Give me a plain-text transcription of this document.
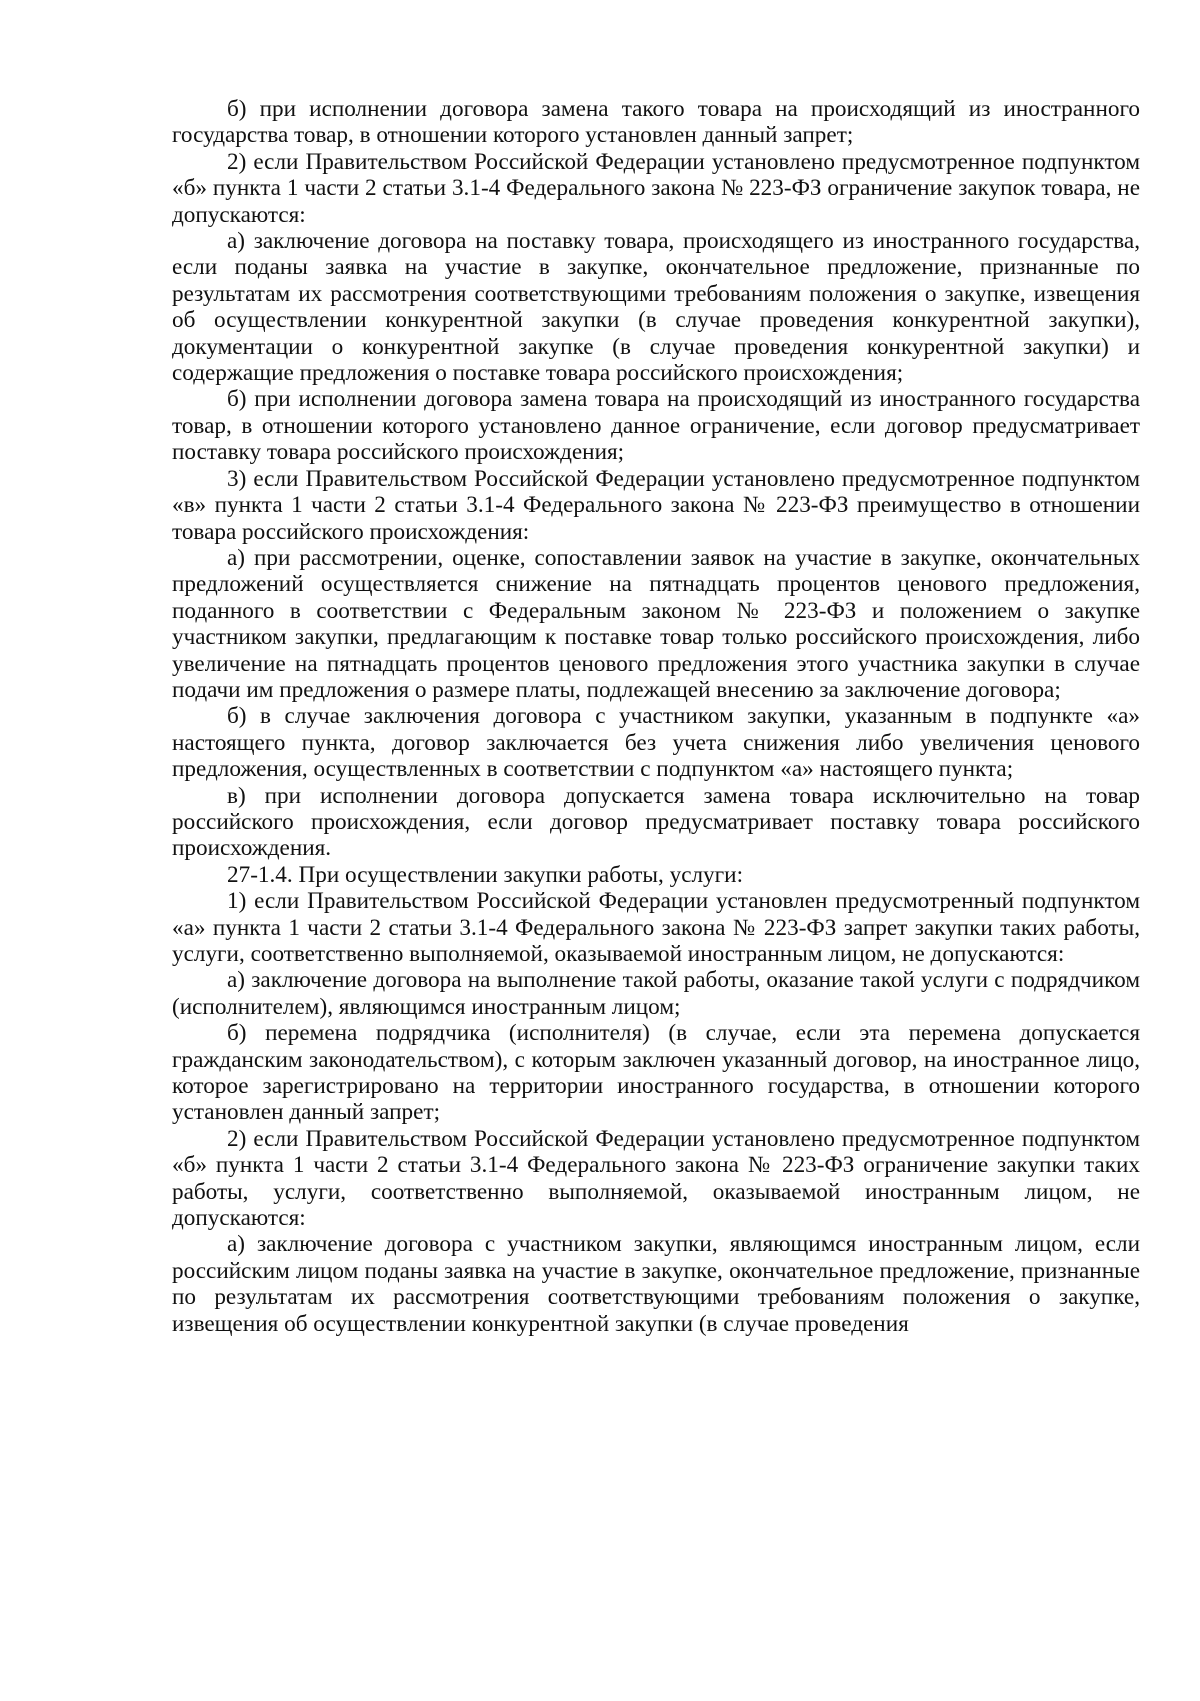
б) при исполнении договора замена такого товара на происходящий из иностранного государства товар, в отношении которого установлен данный запрет;

2) если Правительством Российской Федерации установлено предусмотренное подпунктом «б» пункта 1 части 2 статьи 3.1-4 Федерального закона № 223-ФЗ ограничение закупок товара, не допускаются:

а) заключение договора на поставку товара, происходящего из иностранного государства, если поданы заявка на участие в закупке, окончательное предложение, признанные по результатам их рассмотрения соответствующими требованиям положения о закупке, извещения об осуществлении конкурентной закупки (в случае проведения конкурентной закупки), документации о конкурентной закупке (в случае проведения конкурентной закупки) и содержащие предложения о поставке товара российского происхождения;

б) при исполнении договора замена товара на происходящий из иностранного государства товар, в отношении которого установлено данное ограничение, если договор предусматривает поставку товара российского происхождения;

3) если Правительством Российской Федерации установлено предусмотренное подпунктом «в» пункта 1 части 2 статьи 3.1-4 Федерального закона № 223-ФЗ преимущество в отношении товара российского происхождения:

а) при рассмотрении, оценке, сопоставлении заявок на участие в закупке, окончательных предложений осуществляется снижение на пятнадцать процентов ценового предложения, поданного в соответствии с Федеральным законом № 223-ФЗ и положением о закупке участником закупки, предлагающим к поставке товар только российского происхождения, либо увеличение на пятнадцать процентов ценового предложения этого участника закупки в случае подачи им предложения о размере платы, подлежащей внесению за заключение договора;

б) в случае заключения договора с участником закупки, указанным в подпункте «а» настоящего пункта, договор заключается без учета снижения либо увеличения ценового предложения, осуществленных в соответствии с подпунктом «а» настоящего пункта;

в) при исполнении договора допускается замена товара исключительно на товар российского происхождения, если договор предусматривает поставку товара российского происхождения.

27-1.4. При осуществлении закупки работы, услуги:

1) если Правительством Российской Федерации установлен предусмотренный подпунктом «а» пункта 1 части 2 статьи 3.1-4 Федерального закона № 223-ФЗ запрет закупки таких работы, услуги, соответственно выполняемой, оказываемой иностранным лицом, не допускаются:

а) заключение договора на выполнение такой работы, оказание такой услуги с подрядчиком (исполнителем), являющимся иностранным лицом;

б) перемена подрядчика (исполнителя) (в случае, если эта перемена допускается гражданским законодательством), с которым заключен указанный договор, на иностранное лицо, которое зарегистрировано на территории иностранного государства, в отношении которого установлен данный запрет;

2) если Правительством Российской Федерации установлено предусмотренное подпунктом «б» пункта 1 части 2 статьи 3.1-4 Федерального закона № 223-ФЗ ограничение закупки таких работы, услуги, соответственно выполняемой, оказываемой иностранным лицом, не допускаются:

а) заключение договора с участником закупки, являющимся иностранным лицом, если российским лицом поданы заявка на участие в закупке, окончательное предложение, признанные по результатам их рассмотрения соответствующими требованиям положения о закупке, извещения об осуществлении конкурентной закупки (в случае проведения
